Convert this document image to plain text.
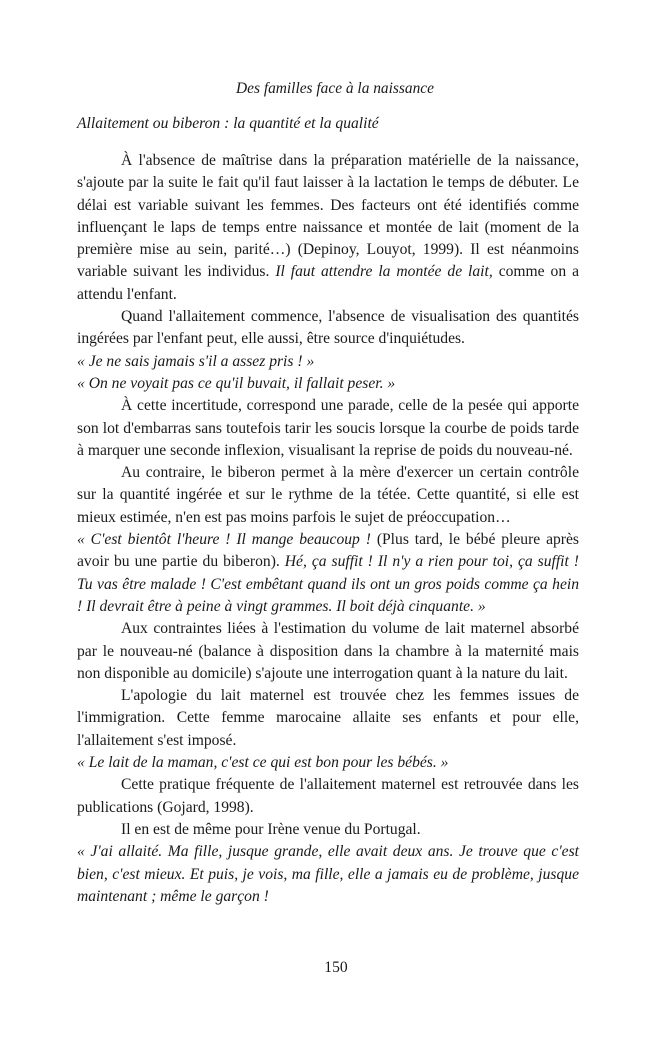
Des familles face à la naissance
Allaitement ou biberon : la quantité et la qualité

À l'absence de maîtrise dans la préparation matérielle de la naissance, s'ajoute par la suite le fait qu'il faut laisser à la lactation le temps de débuter. Le délai est variable suivant les femmes. Des facteurs ont été identifiés comme influençant le laps de temps entre naissance et montée de lait (moment de la première mise au sein, parité…) (Depinoy, Louyot, 1999). Il est néanmoins variable suivant les individus. Il faut attendre la montée de lait, comme on a attendu l'enfant.

Quand l'allaitement commence, l'absence de visualisation des quantités ingérées par l'enfant peut, elle aussi, être source d'inquiétudes.

« Je ne sais jamais s'il a assez pris ! »

« On ne voyait pas ce qu'il buvait, il fallait peser. »

À cette incertitude, correspond une parade, celle de la pesée qui apporte son lot d'embarras sans toutefois tarir les soucis lorsque la courbe de poids tarde à marquer une seconde inflexion, visualisant la reprise de poids du nouveau-né.

Au contraire, le biberon permet à la mère d'exercer un certain contrôle sur la quantité ingérée et sur le rythme de la tétée. Cette quantité, si elle est mieux estimée, n'en est pas moins parfois le sujet de préoccupation…

« C'est bientôt l'heure ! Il mange beaucoup ! (Plus tard, le bébé pleure après avoir bu une partie du biberon). Hé, ça suffit ! Il n'y a rien pour toi, ça suffit ! Tu vas être malade ! C'est embêtant quand ils ont un gros poids comme ça hein ! Il devrait être à peine à vingt grammes. Il boit déjà cinquante. »

Aux contraintes liées à l'estimation du volume de lait maternel absorbé par le nouveau-né (balance à disposition dans la chambre à la maternité mais non disponible au domicile) s'ajoute une interrogation quant à la nature du lait.

L'apologie du lait maternel est trouvée chez les femmes issues de l'immigration. Cette femme marocaine allaite ses enfants et pour elle, l'allaitement s'est imposé.

« Le lait de la maman, c'est ce qui est bon pour les bébés. »

Cette pratique fréquente de l'allaitement maternel est retrouvée dans les publications (Gojard, 1998).

Il en est de même pour Irène venue du Portugal.

« J'ai allaité. Ma fille, jusque grande, elle avait deux ans. Je trouve que c'est bien, c'est mieux. Et puis, je vois, ma fille, elle a jamais eu de problème, jusque maintenant ; même le garçon !

150
